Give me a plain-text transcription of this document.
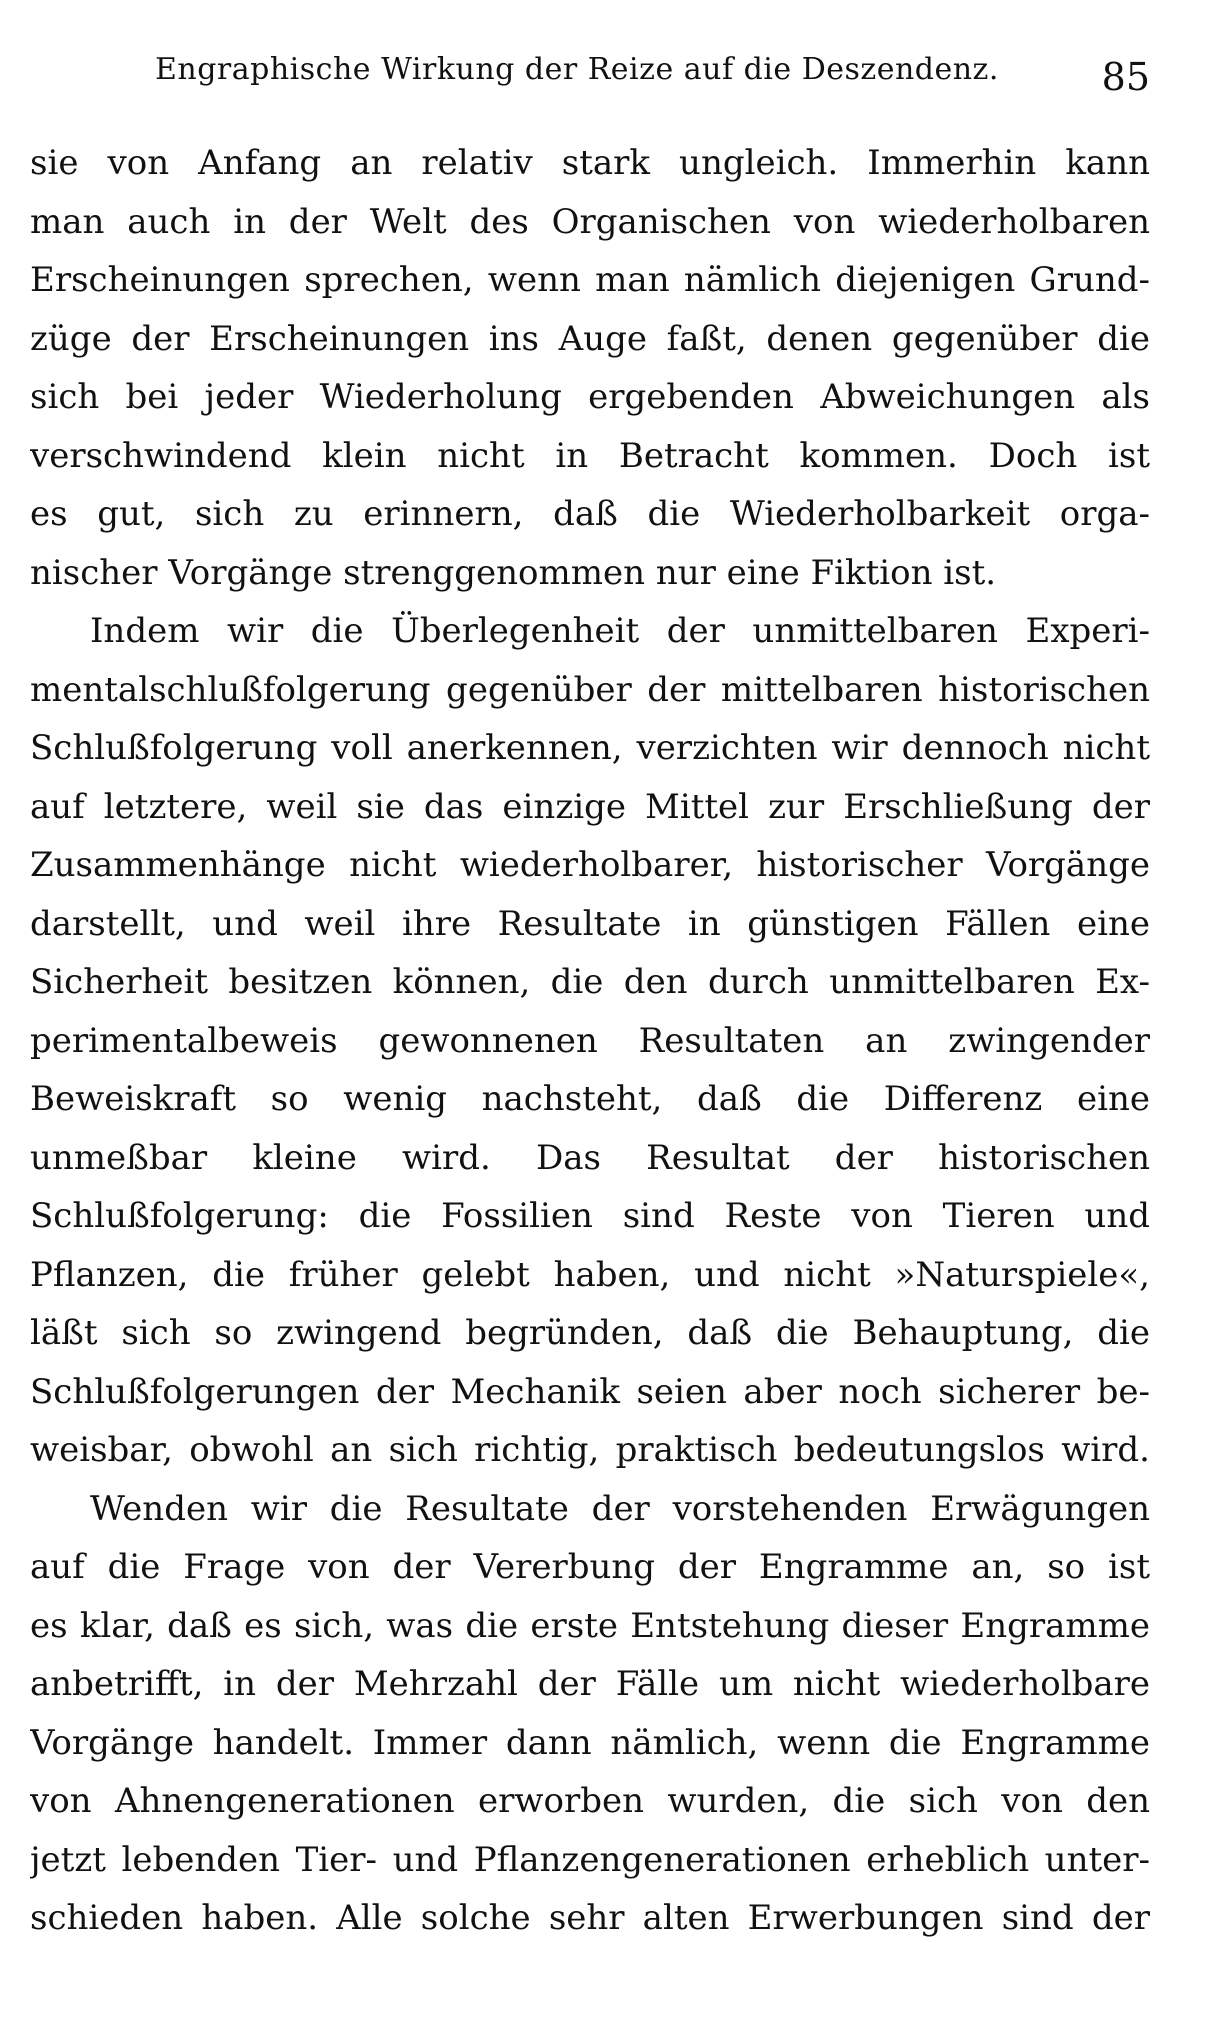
Engraphische Wirkung der Reize auf die Deszendenz.	85
sie von Anfang an relativ stark ungleich. Immerhin kann
man auch in der Welt des Organischen von wiederholbaren
Erscheinungen sprechen, wenn man nämlich diejenigen Grund-
züge der Erscheinungen ins Auge faßt, denen gegenüber die
sich bei jeder Wiederholung ergebenden Abweichungen als
verschwindend klein nicht in Betracht kommen. Doch ist
es gut, sich zu erinnern, daß die Wiederholbarkeit orga-
nischer Vorgänge strenggenommen nur eine Fiktion ist.
Indem wir die Überlegenheit der unmittelbaren Experi-
mentalschlußfolgerung gegenüber der mittelbaren historischen
Schlußfolgerung voll anerkennen, verzichten wir dennoch nicht
auf letztere, weil sie das einzige Mittel zur Erschließung der
Zusammenhänge nicht wiederholbarer, historischer Vorgänge
darstellt, und weil ihre Resultate in günstigen Fällen eine
Sicherheit besitzen können, die den durch unmittelbaren Ex-
perimentalbeweis gewonnenen Resultaten an zwingender
Beweiskraft so wenig nachsteht, daß die Differenz eine
unmeßbar kleine wird. Das Resultat der historischen
Schlußfolgerung: die Fossilien sind Reste von Tieren und
Pflanzen, die früher gelebt haben, und nicht »Naturspiele«,
läßt sich so zwingend begründen, daß die Behauptung, die
Schlußfolgerungen der Mechanik seien aber noch sicherer be-
weisbar, obwohl an sich richtig, praktisch bedeutungslos wird.
Wenden wir die Resultate der vorstehenden Erwägungen
auf die Frage von der Vererbung der Engramme an, so ist
es klar, daß es sich, was die erste Entstehung dieser Engramme
anbetrifft, in der Mehrzahl der Fälle um nicht wiederholbare
Vorgänge handelt. Immer dann nämlich, wenn die Engramme
von Ahnengenerationen erworben wurden, die sich von den
jetzt lebenden Tier- und Pflanzengenerationen erheblich unter-
schieden haben. Alle solche sehr alten Erwerbungen sind der
